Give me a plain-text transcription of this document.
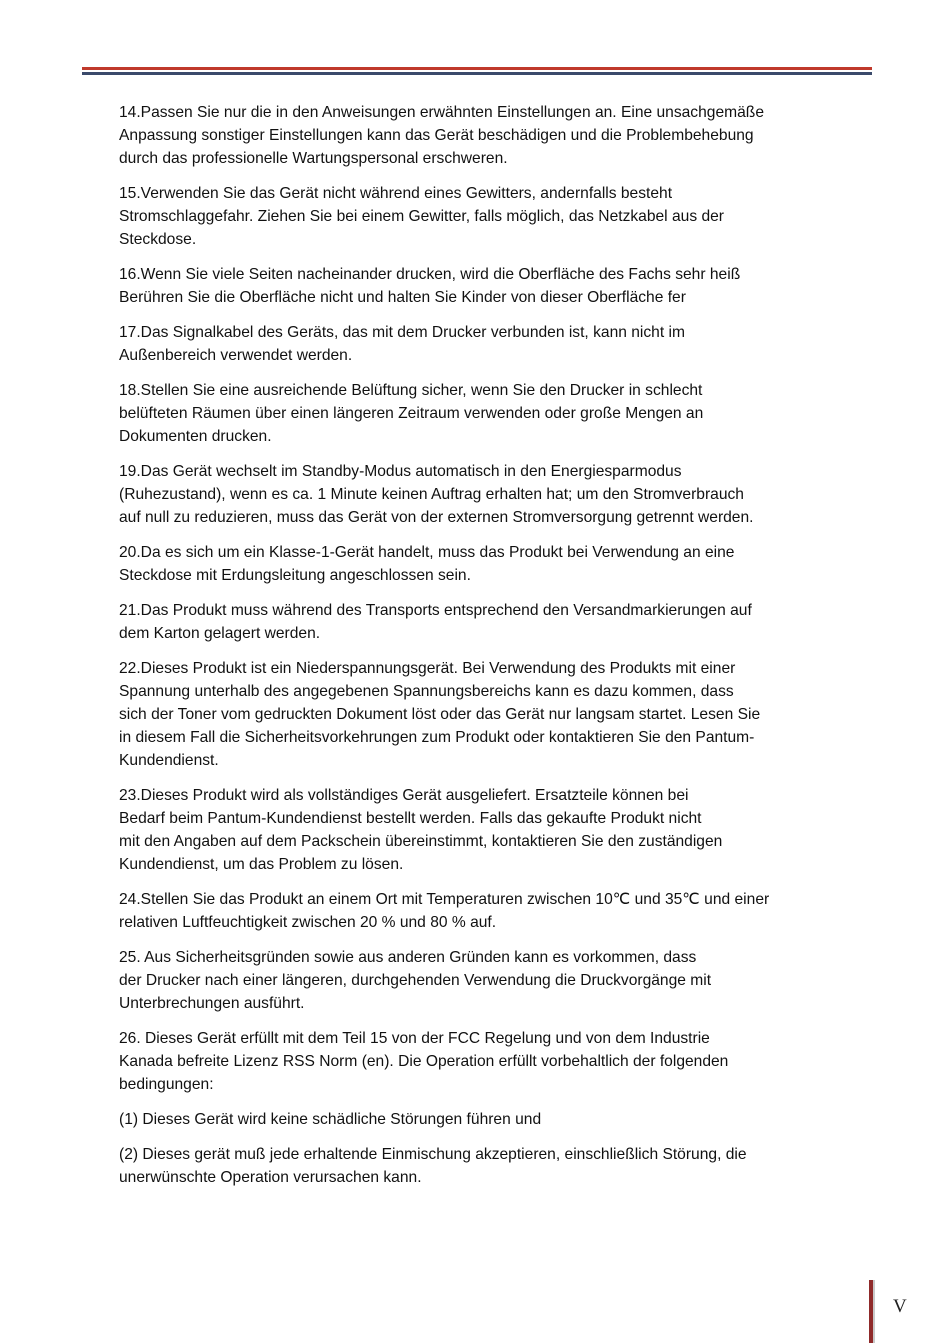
14.Passen Sie nur die in den Anweisungen erwähnten Einstellungen an. Eine unsachgemäße
Anpassung sonstiger Einstellungen kann das Gerät beschädigen und die Problembehebung
durch das professionelle Wartungspersonal erschweren.

15.Verwenden Sie das Gerät nicht während eines Gewitters, andernfalls besteht
Stromschlaggefahr. Ziehen Sie bei einem Gewitter, falls möglich, das Netzkabel aus der
Steckdose.

16.Wenn Sie viele Seiten nacheinander drucken, wird die Oberfläche des Fachs sehr heiß
Berühren Sie die Oberfläche nicht und halten Sie Kinder von dieser Oberfläche fer

17.Das Signalkabel des Geräts, das mit dem Drucker verbunden ist, kann nicht im
Außenbereich verwendet werden.

18.Stellen Sie eine ausreichende Belüftung sicher, wenn Sie den Drucker in schlecht
belüfteten Räumen über einen längeren Zeitraum verwenden oder große Mengen an
Dokumenten drucken.

19.Das Gerät wechselt im Standby-Modus automatisch in den Energiesparmodus
(Ruhezustand), wenn es ca. 1 Minute keinen Auftrag erhalten hat; um den Stromverbrauch
auf null zu reduzieren, muss das Gerät von der externen Stromversorgung getrennt werden.

20.Da es sich um ein Klasse-1-Gerät handelt, muss das Produkt bei Verwendung an eine
Steckdose mit Erdungsleitung angeschlossen sein.

21.Das Produkt muss während des Transports entsprechend den Versandmarkierungen auf
dem Karton gelagert werden.

22.Dieses Produkt ist ein Niederspannungsgerät. Bei Verwendung des Produkts mit einer
Spannung unterhalb des angegebenen Spannungsbereichs kann es dazu kommen, dass
sich der Toner vom gedruckten Dokument löst oder das Gerät nur langsam startet. Lesen Sie
in diesem Fall die Sicherheitsvorkehrungen zum Produkt oder kontaktieren Sie den Pantum-
Kundendienst.

23.Dieses Produkt wird als vollständiges Gerät ausgeliefert. Ersatzteile können bei
Bedarf beim Pantum-Kundendienst bestellt werden. Falls das gekaufte Produkt nicht
mit den Angaben auf dem Packschein übereinstimmt, kontaktieren Sie den zuständigen
Kundendienst, um das Problem zu lösen.

24.Stellen Sie das Produkt an einem Ort mit Temperaturen zwischen 10℃ und 35℃ und einer
relativen Luftfeuchtigkeit zwischen 20 % und 80 % auf.

25. Aus Sicherheitsgründen sowie aus anderen Gründen kann es vorkommen, dass
der Drucker nach einer längeren, durchgehenden Verwendung die Druckvorgänge mit
Unterbrechungen ausführt.

26. Dieses Gerät erfüllt mit dem Teil 15 von der FCC Regelung und von dem Industrie
Kanada befreite Lizenz RSS Norm (en). Die Operation erfüllt vorbehaltlich der folgenden
bedingungen:

(1) Dieses Gerät wird keine schädliche Störungen führen und

(2) Dieses gerät muß jede erhaltende Einmischung akzeptieren, einschließlich Störung, die
unerwünschte Operation verursachen kann.

V
